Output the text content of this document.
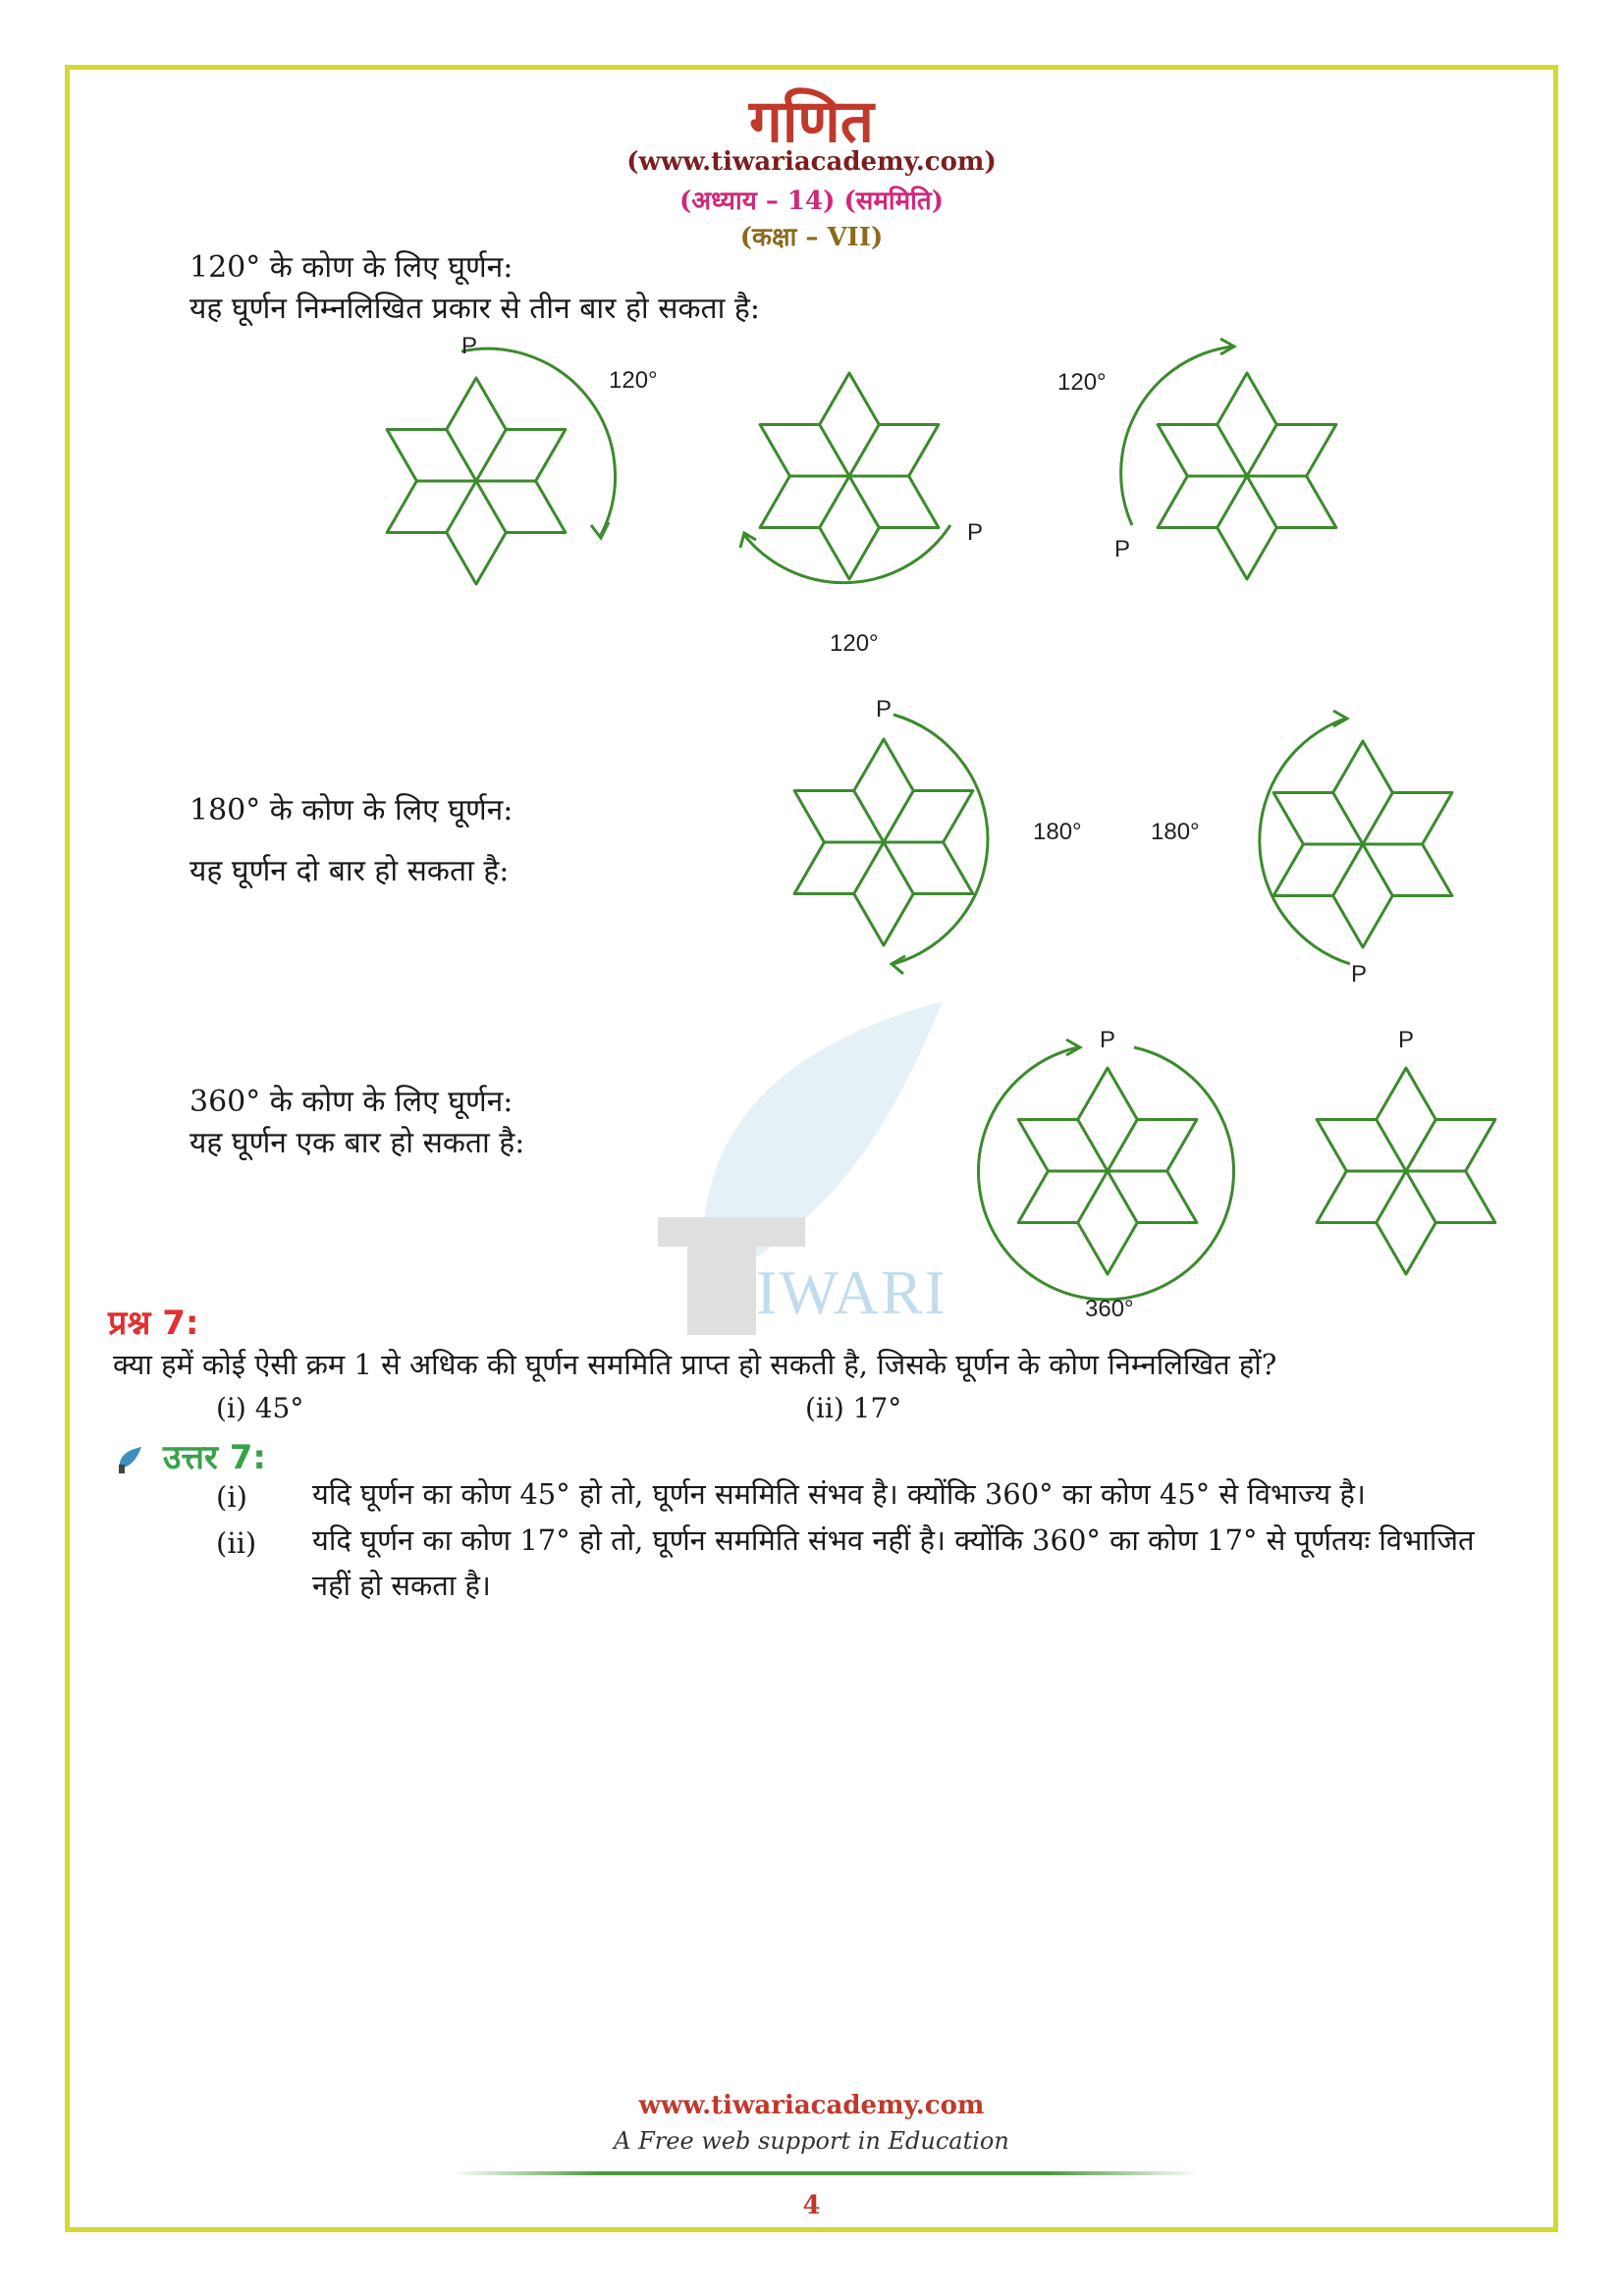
IWARI
गणित
(www.tiwariacademy.com)
(अध्याय – 14) (सममिति)
(कक्षा – VII)
120° के कोण के लिए घूर्णन:
यह घूर्णन निम्नलिखित प्रकार से तीन बार हो सकता है:
P
120°
P
120°
P
120°
180° के कोण के लिए घूर्णन:
यह घूर्णन दो बार हो सकता है:
P
180°
P
180°
360° के कोण के लिए घूर्णन:
यह घूर्णन एक बार हो सकता है:
P
360°
P
प्रश्न 7:
क्या हमें कोई ऐसी क्रम 1 से अधिक की घूर्णन सममिति प्राप्त हो सकती है, जिसके घूर्णन के कोण निम्नलिखित हों?
(i) 45°	(ii) 17°
उत्तर 7:
(i) यदि घूर्णन का कोण 45° हो तो, घूर्णन सममिति संभव है। क्योंकि 360° का कोण 45° से विभाज्य है।
(ii) यदि घूर्णन का कोण 17° हो तो, घूर्णन सममिति संभव नहीं है। क्योंकि 360° का कोण 17° से पूर्णतयः विभाजित
नहीं हो सकता है।
www.tiwariacademy.com
A Free web support in Education
4
